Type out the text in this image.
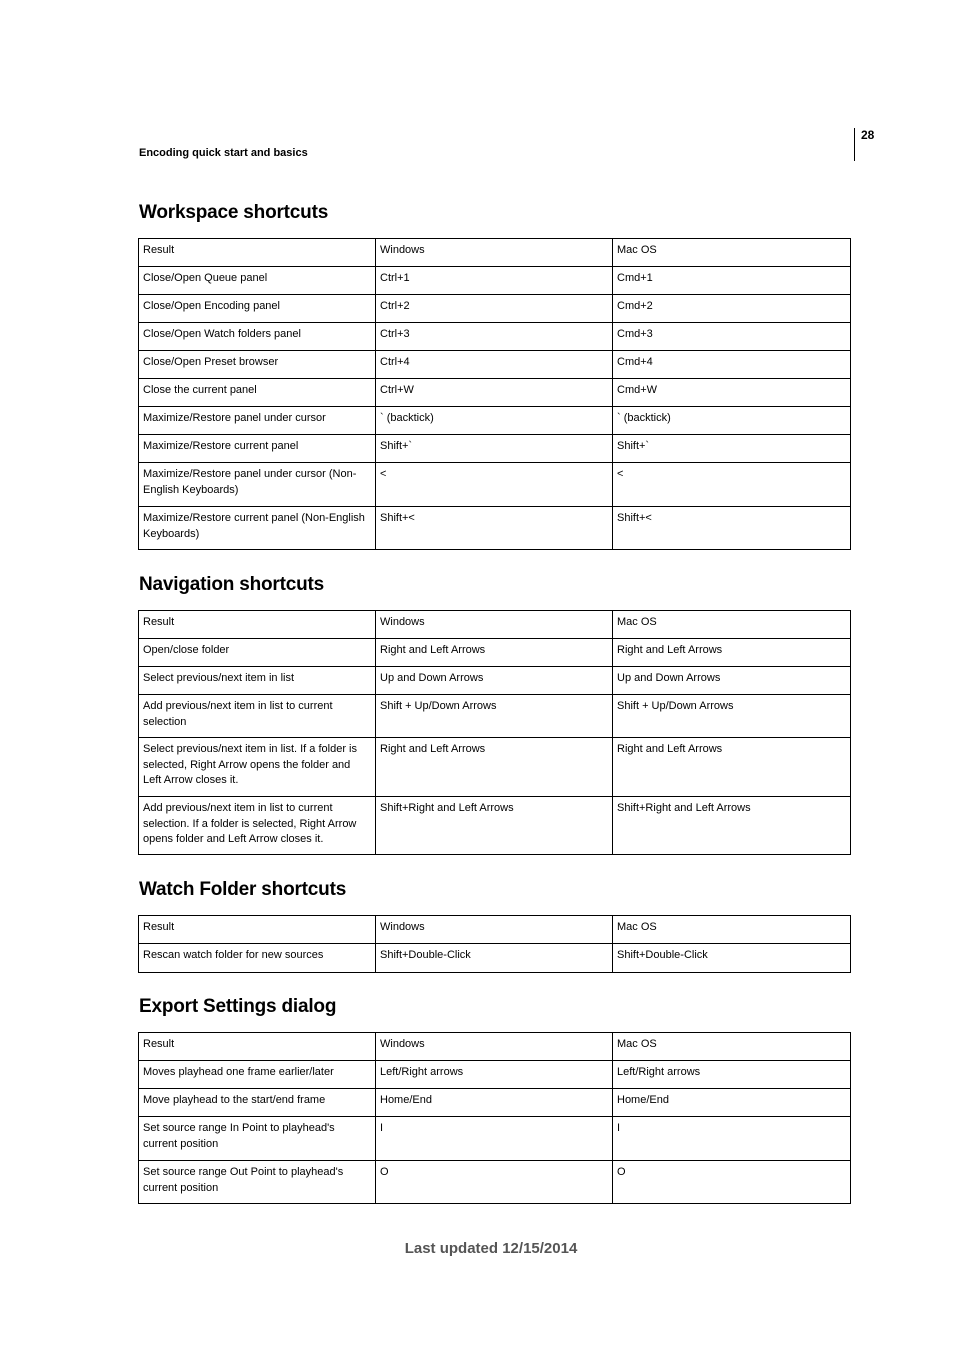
28
Encoding quick start and basics
Workspace shortcuts
Result	Windows	Mac OS
Close/Open Queue panel	Ctrl+1	Cmd+1
Close/Open Encoding panel	Ctrl+2	Cmd+2
Close/Open Watch folders panel	Ctrl+3	Cmd+3
Close/Open Preset browser	Ctrl+4	Cmd+4
Close the current panel	Ctrl+W	Cmd+W
Maximize/Restore panel under cursor	` (backtick)	` (backtick)
Maximize/Restore current panel	Shift+`	Shift+`
Maximize/Restore panel under cursor (Non-English Keyboards)	<	<
Maximize/Restore current panel (Non-English Keyboards)	Shift+<	Shift+<
Navigation shortcuts
Result	Windows	Mac OS
Open/close folder	Right and Left Arrows	Right and Left Arrows
Select previous/next item in list	Up and Down Arrows	Up and Down Arrows
Add previous/next item in list to current selection	Shift + Up/Down Arrows	Shift + Up/Down Arrows
Select previous/next item in list. If a folder is selected, Right Arrow opens the folder and Left Arrow closes it.	Right and Left Arrows	Right and Left Arrows
Add previous/next item in list to current selection. If a folder is selected, Right Arrow opens folder and Left Arrow closes it.	Shift+Right and Left Arrows	Shift+Right and Left Arrows
Watch Folder shortcuts
Result	Windows	Mac OS
Rescan watch folder for new sources	Shift+Double-Click	Shift+Double-Click
Export Settings dialog
Result	Windows	Mac OS
Moves playhead one frame earlier/later	Left/Right arrows	Left/Right arrows
Move playhead to the start/end frame	Home/End	Home/End
Set source range In Point to playhead's current position	I	I
Set source range Out Point to playhead's current position	O	O
Last updated 12/15/2014
